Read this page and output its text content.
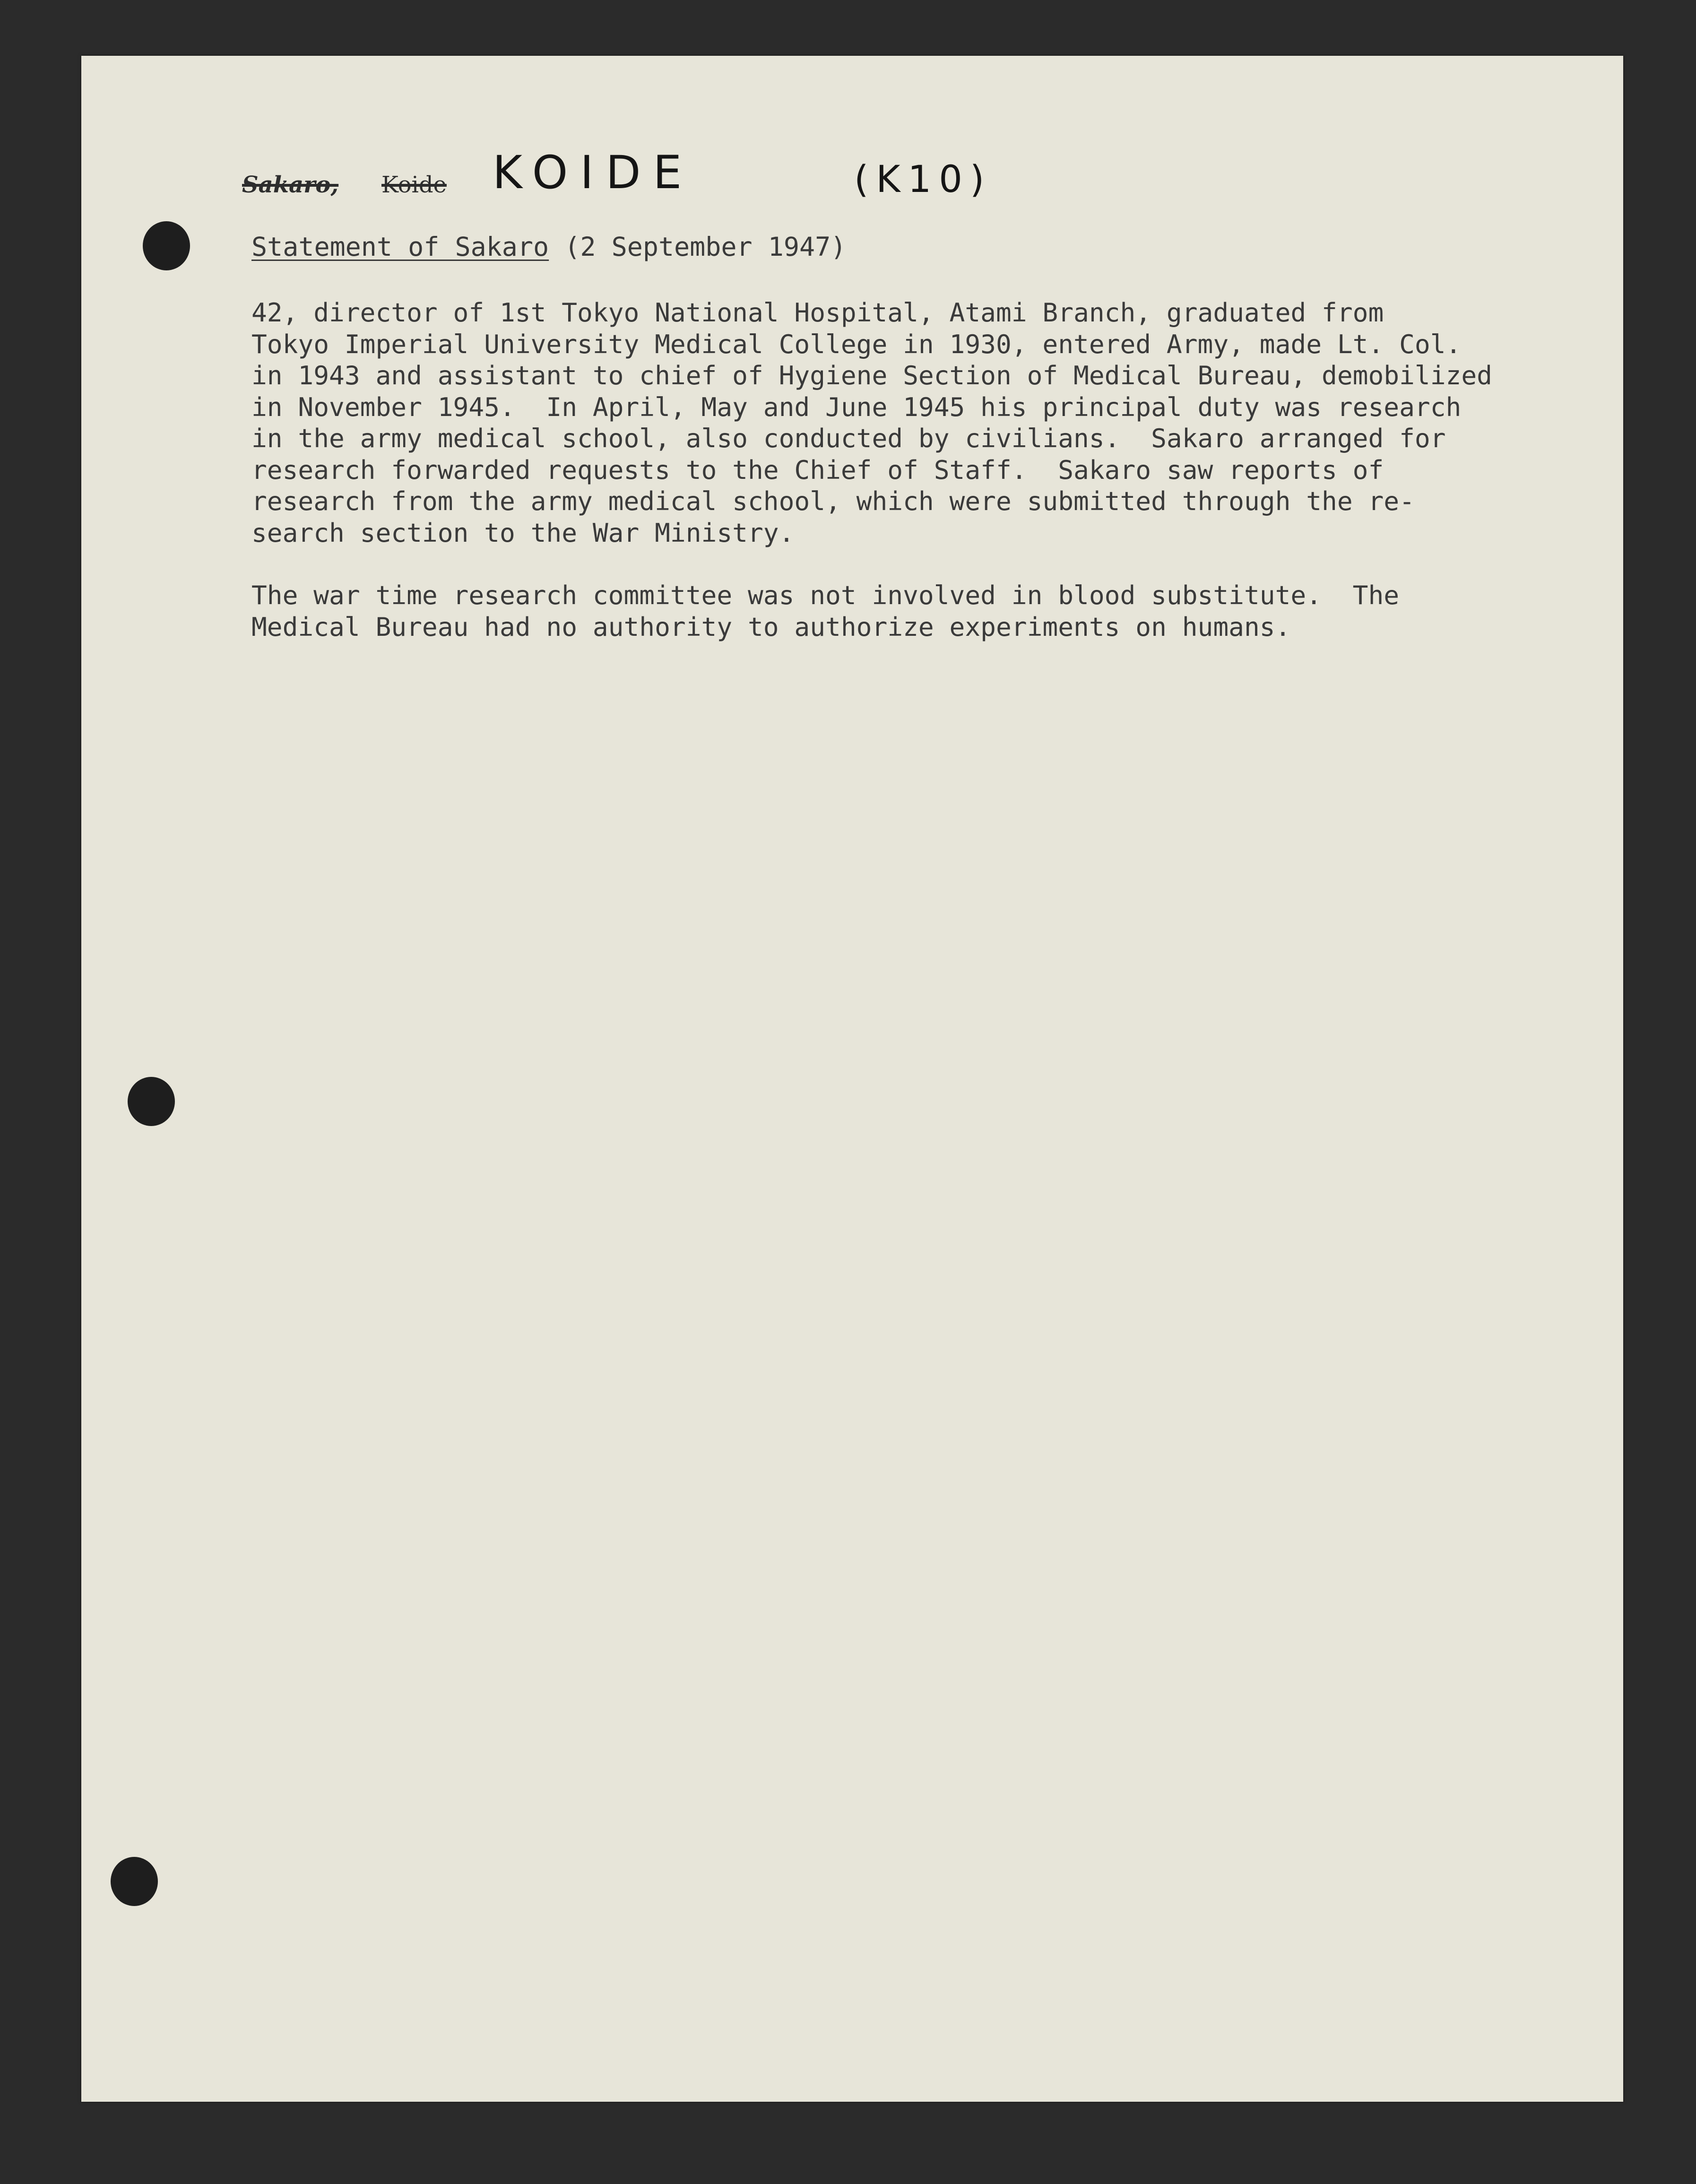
Sakaro, Koide KOIDE	(K10)
Statement of Sakaro (2 September 1947)
42, director of 1st Tokyo National Hospital, Atami Branch, graduated from
Tokyo Imperial University Medical College in 1930, entered Army, made Lt. Col.
in 1943 and assistant to chief of Hygiene Section of Medical Bureau, demobilized
in November 1945.  In April, May and June 1945 his principal duty was research
in the army medical school, also conducted by civilians.  Sakaro arranged for
research forwarded requests to the Chief of Staff.  Sakaro saw reports of
research from the army medical school, which were submitted through the re-
search section to the War Ministry.
The war time research committee was not involved in blood substitute.  The
Medical Bureau had no authority to authorize experiments on humans.
